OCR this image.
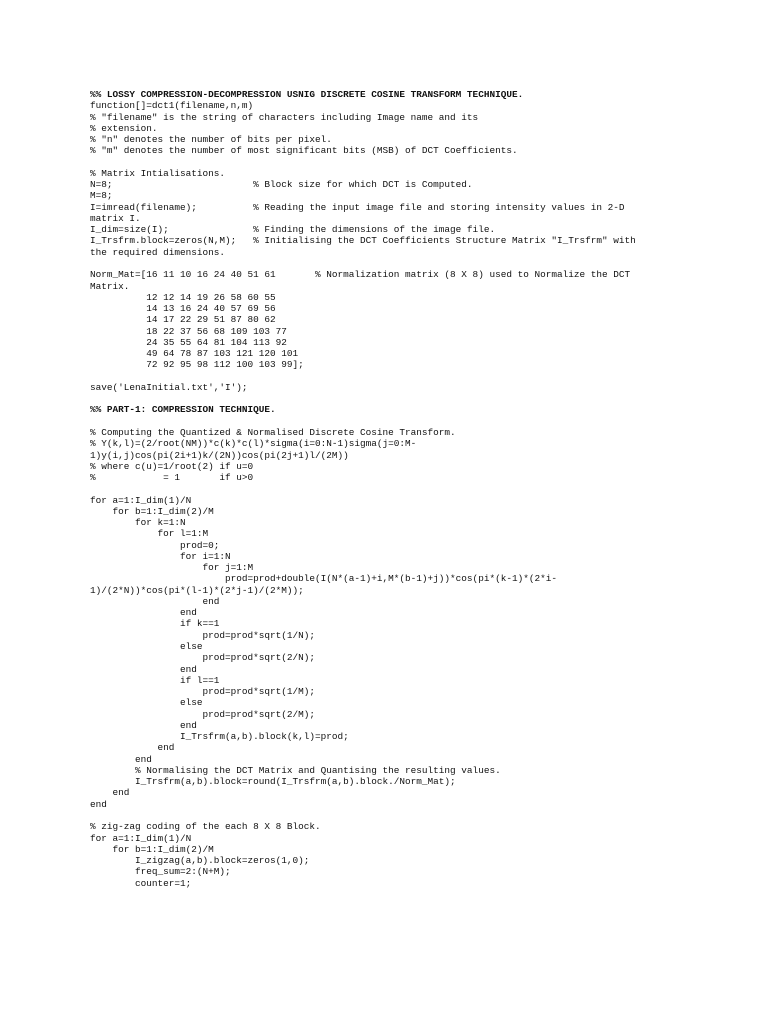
%% LOSSY COMPRESSION-DECOMPRESSION USNIG DISCRETE COSINE TRANSFORM TECHNIQUE.
function[]=dct1(filename,n,m)
% "filename" is the string of characters including Image name and its
% extension.
% "n" denotes the number of bits per pixel.
% "m" denotes the number of most significant bits (MSB) of DCT Coefficients.
% Matrix Intialisations.
N=8;                         % Block size for which DCT is Computed.
M=8;
I=imread(filename);          % Reading the input image file and storing intensity values in 2-D
matrix I.
I_dim=size(I);               % Finding the dimensions of the image file.
I_Trsfrm.block=zeros(N,M);   % Initialising the DCT Coefficients Structure Matrix "I_Trsfrm" with
the required dimensions.
Norm_Mat=[16 11 10 16 24 40 51 61       % Normalization matrix (8 X 8) used to Normalize the DCT
Matrix.
12 12 14 19 26 58 60 55
14 13 16 24 40 57 69 56
14 17 22 29 51 87 80 62
18 22 37 56 68 109 103 77
24 35 55 64 81 104 113 92
49 64 78 87 103 121 120 101
72 92 95 98 112 100 103 99];
save('LenaInitial.txt','I');
%% PART-1: COMPRESSION TECHNIQUE.
% Computing the Quantized & Normalised Discrete Cosine Transform.
% Y(k,l)=(2/root(NM))*c(k)*c(l)*sigma(i=0:N-1)sigma(j=0:M-
1)y(i,j)cos(pi(2i+1)k/(2N))cos(pi(2j+1)l/(2M))
% where c(u)=1/root(2) if u=0
%            = 1       if u>0
for a=1:I_dim(1)/N
for b=1:I_dim(2)/M
for k=1:N
for l=1:M
prod=0;
for i=1:N
for j=1:M
prod=prod+double(I(N*(a-1)+i,M*(b-1)+j))*cos(pi*(k-1)*(2*i-
1)/(2*N))*cos(pi*(l-1)*(2*j-1)/(2*M));
end
end
if k==1
prod=prod*sqrt(1/N);
else
prod=prod*sqrt(2/N);
end
if l==1
prod=prod*sqrt(1/M);
else
prod=prod*sqrt(2/M);
end
I_Trsfrm(a,b).block(k,l)=prod;
end
end
% Normalising the DCT Matrix and Quantising the resulting values.
I_Trsfrm(a,b).block=round(I_Trsfrm(a,b).block./Norm_Mat);
end
end
% zig-zag coding of the each 8 X 8 Block.
for a=1:I_dim(1)/N
for b=1:I_dim(2)/M
I_zigzag(a,b).block=zeros(1,0);
freq_sum=2:(N+M);
counter=1;
